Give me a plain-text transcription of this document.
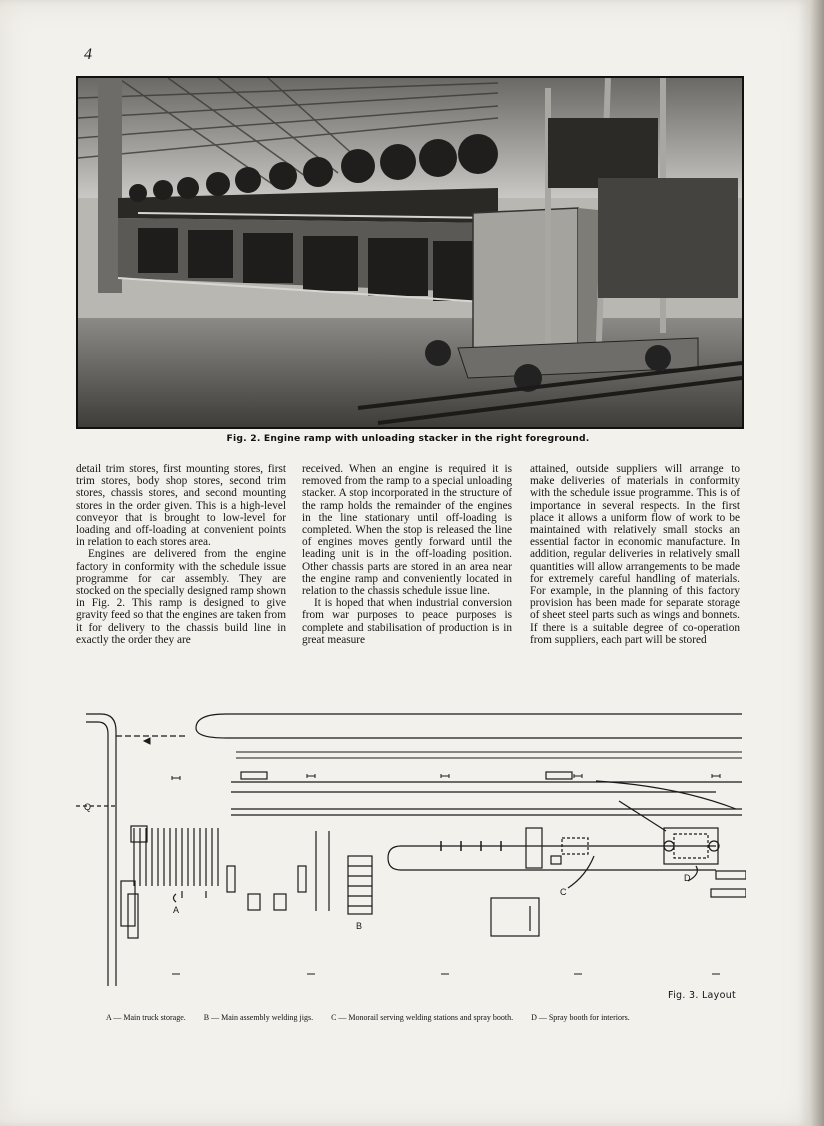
4
Fig. 2. Engine ramp with unloading stacker in the right foreground.

detail trim stores, first mounting stores, first trim stores, body shop stores, second trim stores, chassis stores, and second mounting stores in the order given. This is a high-level conveyor that is brought to low-level for loading and off-loading at convenient points in relation to each stores area.

Engines are delivered from the engine factory in conformity with the schedule issue programme for car assembly. They are stocked on the specially designed ramp shown in Fig. 2. This ramp is designed to give gravity feed so that the engines are taken from it for delivery to the chassis build line in exactly the order they are

received. When an engine is required it is removed from the ramp to a special unloading stacker. A stop incorporated in the structure of the ramp holds the remainder of the engines in the line stationary until off-loading is completed. When the stop is released the line of engines moves gently forward until the leading unit is in the off-loading position. Other chassis parts are stored in an area near the engine ramp and conveniently located in relation to the chassis schedule issue line.

It is hoped that when industrial conversion from war purposes to peace purposes is complete and stabilisation of production is in great measure

attained, outside suppliers will arrange to make deliveries of materials in conformity with the schedule issue programme. This is of importance in several respects. In the first place it allows a uniform flow of work to be maintained with relatively small stocks an essential factor in economic manufacture. In addition, regular deliveries in relatively small quantities will allow arrangements to be made for extremely careful handling of materials. For example, in the planning of this factory provision has been made for separate storage of sheet steel parts such as wings and bonnets. If there is a suitable degree of co-operation from suppliers, each part will be stored

A
B
C
D
Q
Fig. 3. Layout
A — Main truck storage. B — Main assembly welding jigs. C — Monorail serving welding stations and spray booth. D — Spray booth for interiors.
